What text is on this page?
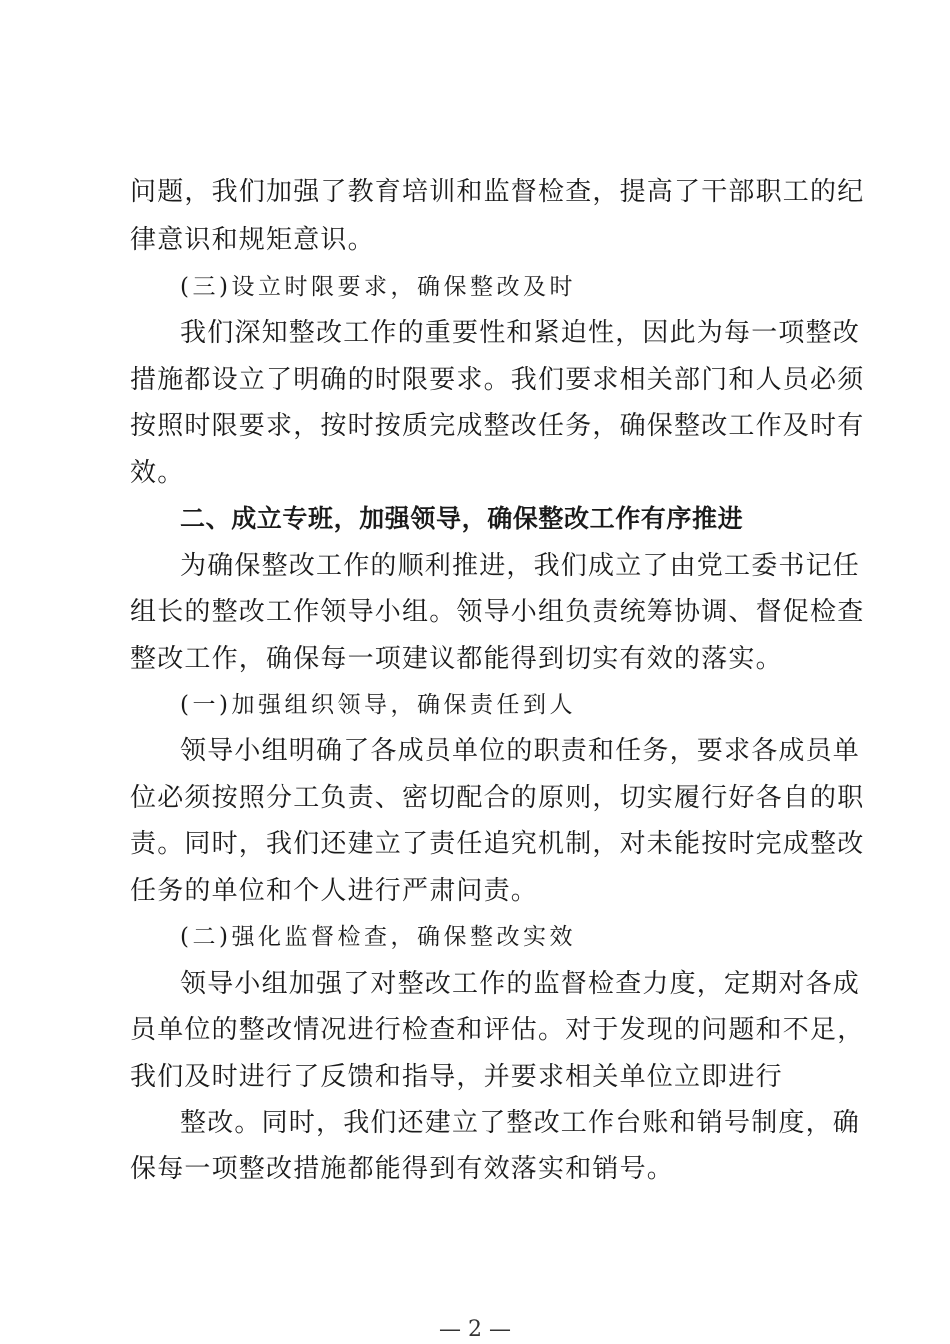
问题，我们加强了教育培训和监督检查，提高了干部职工的纪
律意识和规矩意识。
(三)设立时限要求，确保整改及时
我们深知整改工作的重要性和紧迫性，因此为每一项整改
措施都设立了明确的时限要求。我们要求相关部门和人员必须
按照时限要求，按时按质完成整改任务，确保整改工作及时有
效。
二、成立专班，加强领导，确保整改工作有序推进
为确保整改工作的顺利推进，我们成立了由党工委书记任
组长的整改工作领导小组。领导小组负责统筹协调、督促检查
整改工作，确保每一项建议都能得到切实有效的落实。
(一)加强组织领导，确保责任到人
领导小组明确了各成员单位的职责和任务，要求各成员单
位必须按照分工负责、密切配合的原则，切实履行好各自的职
责。同时，我们还建立了责任追究机制，对未能按时完成整改
任务的单位和个人进行严肃问责。
(二)强化监督检查，确保整改实效
领导小组加强了对整改工作的监督检查力度，定期对各成
员单位的整改情况进行检查和评估。对于发现的问题和不足，
我们及时进行了反馈和指导，并要求相关单位立即进行
整改。同时，我们还建立了整改工作台账和销号制度，确
保每一项整改措施都能得到有效落实和销号。
— 2 —
